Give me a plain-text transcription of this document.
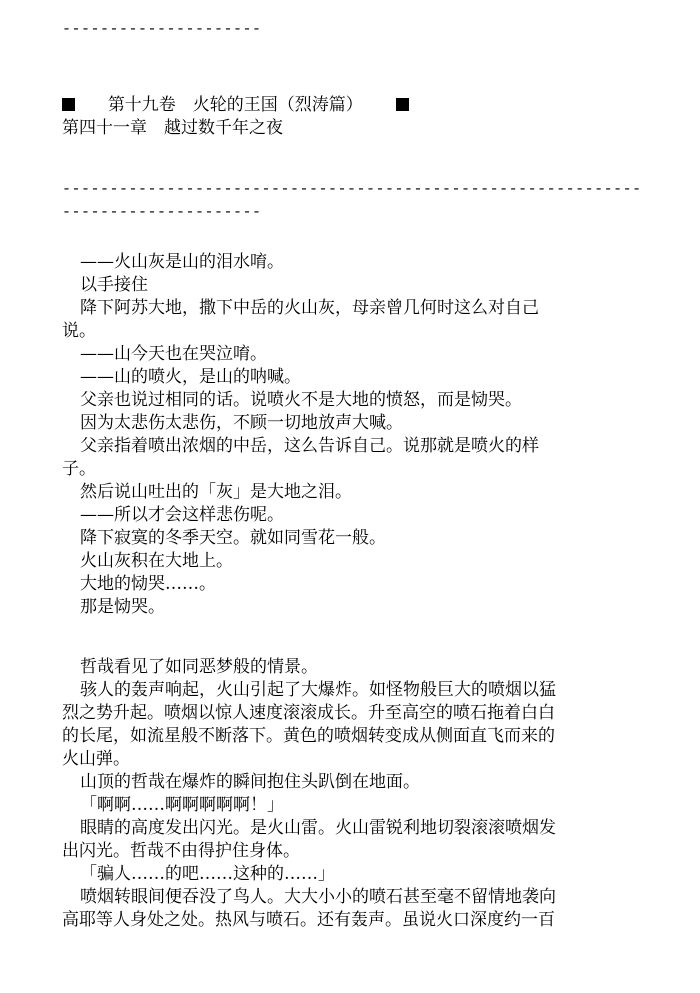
---------------------
第十九卷　火轮的王国（烈涛篇）
第四十一章　越过数千年之夜
-------------------------------------------------------------
---------------------
——火山灰是山的泪水唷。
以手接住
降下阿苏大地，撒下中岳的火山灰，母亲曾几何时这么对自己
说。
——山今天也在哭泣唷。
——山的喷火，是山的呐喊。
父亲也说过相同的话。说喷火不是大地的愤怒，而是恸哭。
因为太悲伤太悲伤，不顾一切地放声大喊。
父亲指着喷出浓烟的中岳，这么告诉自己。说那就是喷火的样
子。
然后说山吐出的「灰」是大地之泪。
——所以才会这样悲伤呢。
降下寂寞的冬季天空。就如同雪花一般。
火山灰积在大地上。
大地的恸哭……。
那是恸哭。
哲哉看见了如同恶梦般的情景。
骇人的轰声响起，火山引起了大爆炸。如怪物般巨大的喷烟以猛
烈之势升起。喷烟以惊人速度滚滚成长。升至高空的喷石拖着白白
的长尾，如流星般不断落下。黄色的喷烟转变成从侧面直飞而来的
火山弹。
山顶的哲哉在爆炸的瞬间抱住头趴倒在地面。
「啊啊……啊啊啊啊啊！」
眼睛的高度发出闪光。是火山雷。火山雷锐利地切裂滚滚喷烟发
出闪光。哲哉不由得护住身体。
「骗人……的吧……这种的……」
喷烟转眼间便吞没了鸟人。大大小小的喷石甚至毫不留情地袭向
高耶等人身处之处。热风与喷石。还有轰声。虽说火口深度约一百
